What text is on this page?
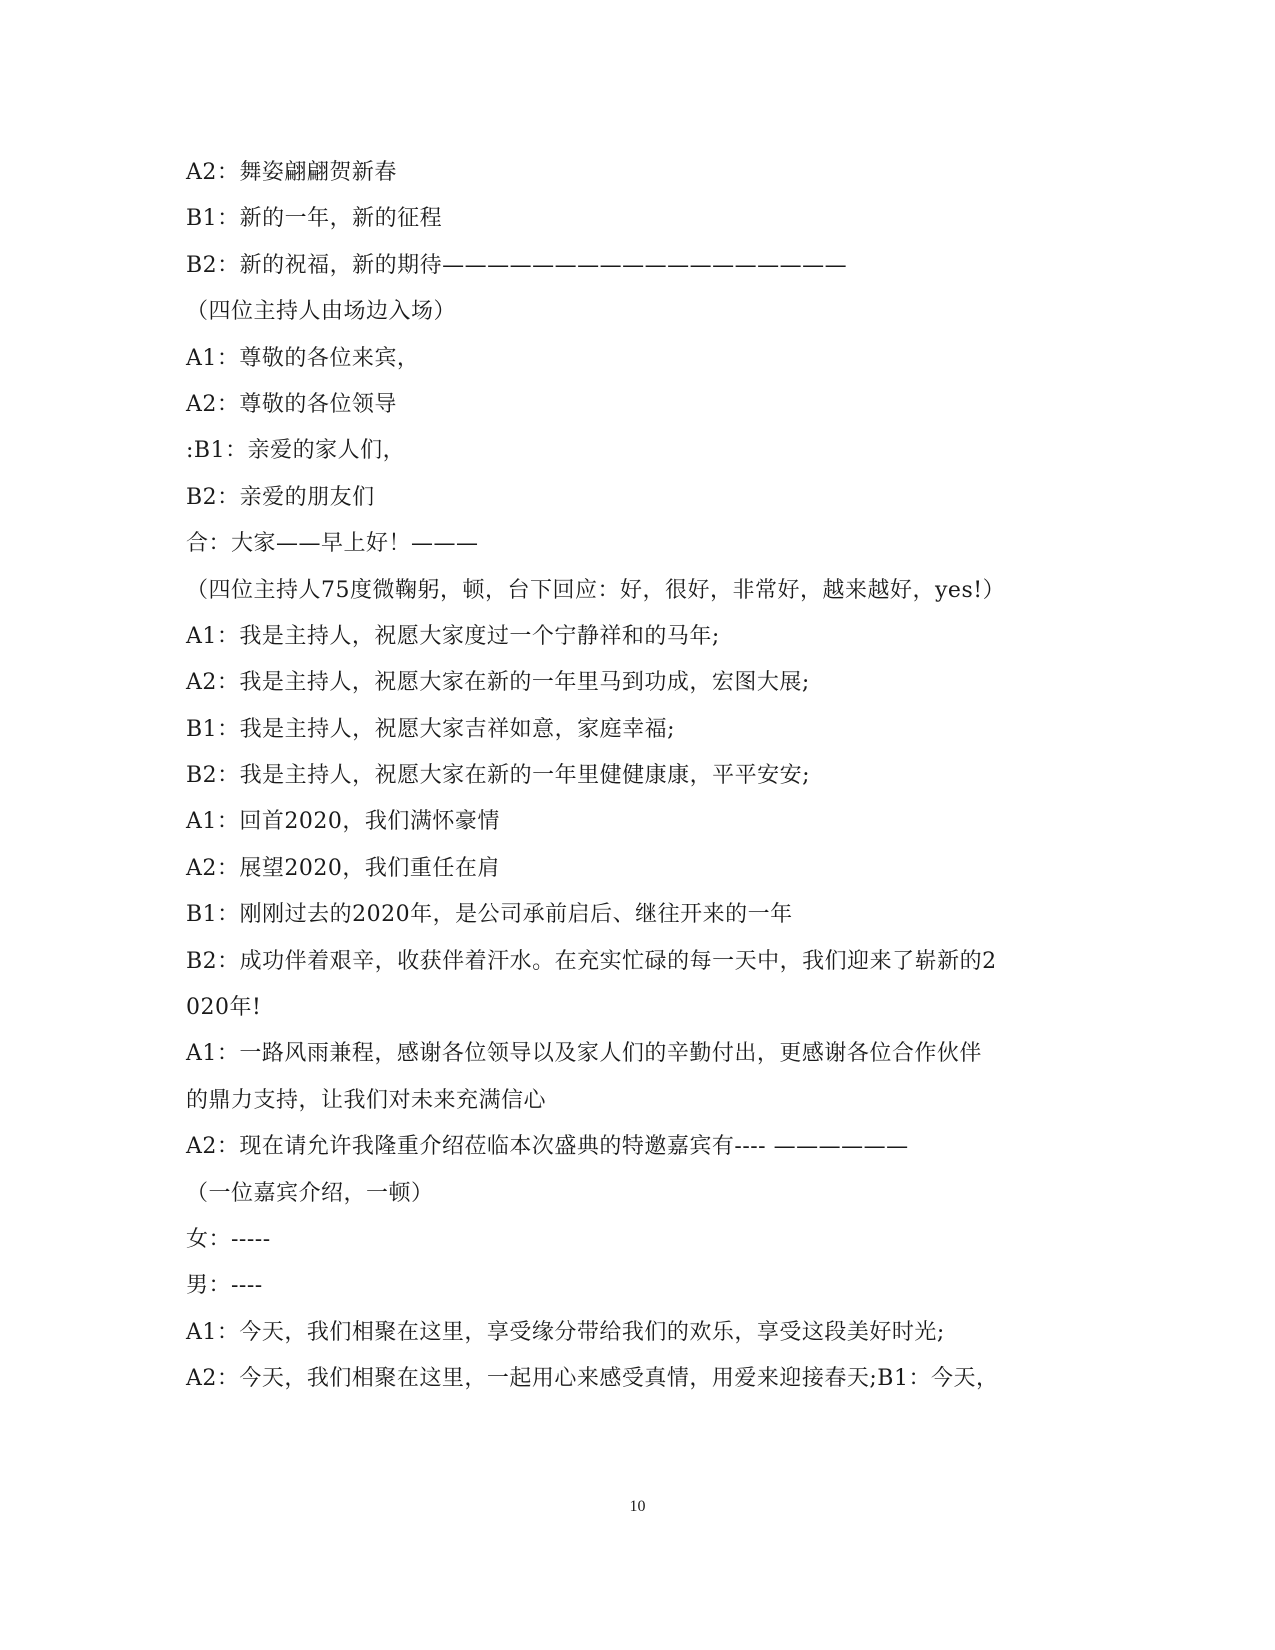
A2：舞姿翩翩贺新春
B1：新的一年，新的征程
B2：新的祝福，新的期待——————————————————
（四位主持人由场边入场）
A1：尊敬的各位来宾，
A2：尊敬的各位领导
:B1：亲爱的家人们，
B2：亲爱的朋友们
合：大家——早上好！———
（四位主持人75度微鞠躬，顿，台下回应：好，很好，非常好，越来越好，yes!）
A1：我是主持人，祝愿大家度过一个宁静祥和的马年;
A2：我是主持人，祝愿大家在新的一年里马到功成，宏图大展;
B1：我是主持人，祝愿大家吉祥如意，家庭幸福;
B2：我是主持人，祝愿大家在新的一年里健健康康，平平安安;
A1：回首2020，我们满怀豪情
A2：展望2020，我们重任在肩
B1：刚刚过去的2020年，是公司承前启后、继往开来的一年
B2：成功伴着艰辛，收获伴着汗水。在充实忙碌的每一天中，我们迎来了崭新的2
020年!
A1：一路风雨兼程，感谢各位领导以及家人们的辛勤付出，更感谢各位合作伙伴
的鼎力支持，让我们对未来充满信心
A2：现在请允许我隆重介绍莅临本次盛典的特邀嘉宾有---- ——————
（一位嘉宾介绍，一顿）
女：-----
男：----
A1：今天，我们相聚在这里，享受缘分带给我们的欢乐，享受这段美好时光;
A2：今天，我们相聚在这里，一起用心来感受真情，用爱来迎接春天;B1：今天，
10
